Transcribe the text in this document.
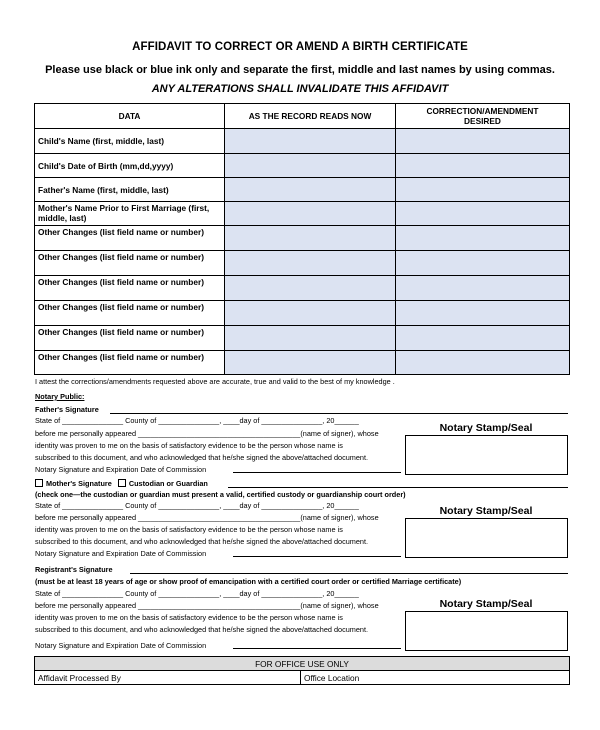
AFFIDAVIT TO CORRECT OR AMEND A BIRTH CERTIFICATE
Please use black or blue ink only and separate the first, middle and last names by using commas.
ANY ALTERATIONS SHALL INVALIDATE THIS AFFIDAVIT
DATA	AS THE RECORD READS NOW	CORRECTION/AMENDMENT DESIRED
Child's Name (first, middle, last)		
Child's Date of Birth (mm,dd,yyyy)		
Father's Name (first, middle, last)		
Mother's Name Prior to First Marriage (first, middle, last)		
Other Changes (list field name or number)		
Other Changes (list field name or number)		
Other Changes (list field name or number)		
Other Changes (list field name or number)		
Other Changes (list field name or number)		
Other Changes (list field name or number)		
I attest the corrections/amendments requested above are accurate, true and valid to the best of my knowledge .
Notary Public:
Father's Signature
State of _______________ County of _______________, ____day of _______________, 20______
before me personally appeared ________________________________________(name of signer), whose
identity was proven to me on the basis of satisfactory evidence to be the person whose name is
subscribed to this document, and who acknowledged that he/she signed the above/attached document.
Notary Signature and Expiration Date of Commission
Notary Stamp/Seal
Mother's Signature Custodian or Guardian
(check one—the custodian or guardian must present a valid, certified custody or guardianship court order)
State of _______________ County of _______________, ____day of _______________, 20______
before me personally appeared ________________________________________(name of signer), whose
identity was proven to me on the basis of satisfactory evidence to be the person whose name is
subscribed to this document, and who acknowledged that he/she signed the above/attached document.
Notary Signature and Expiration Date of Commission
Notary Stamp/Seal
Registrant's Signature
(must be at least 18 years of age or show proof of emancipation with a certified court order or certified Marriage certificate)
State of _______________ County of _______________, ____day of _______________, 20______
before me personally appeared ________________________________________(name of signer), whose
identity was proven to me on the basis of satisfactory evidence to be the person whose name is
subscribed to this document, and who acknowledged that he/she signed the above/attached document.
Notary Signature and Expiration Date of Commission
Notary Stamp/Seal
FOR OFFICE USE ONLY
Affidavit Processed By	Office Location
